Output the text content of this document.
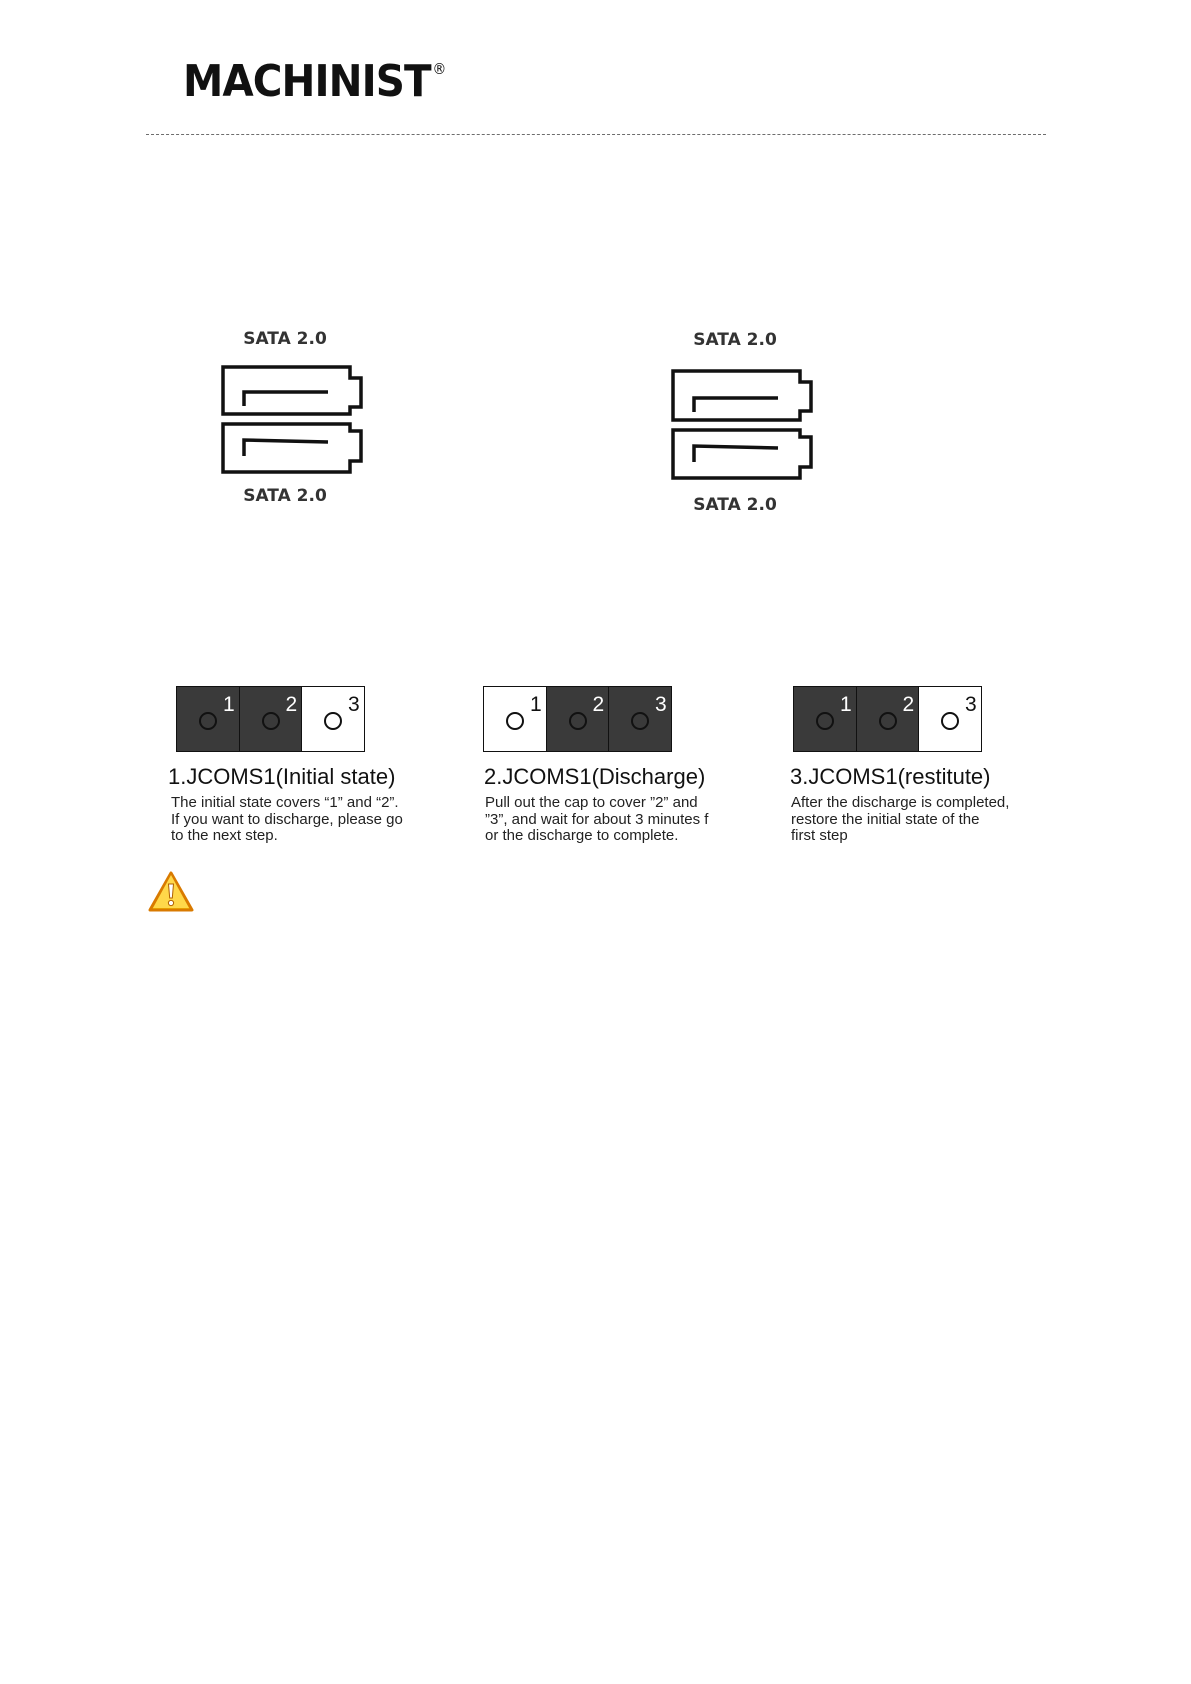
MACHINIST ®
SATA 2.0
SATA 2.0
SATA 2.0
SATA 2.0
1 2 3
1.JCOMS1(Initial state)
The initial state covers “1” and “2”.
If you want to discharge, please go
to the next step.
1 2 3
2.JCOMS1(Discharge)
Pull out the cap to cover ”2” and
”3”, and wait for about 3 minutes f
or the discharge to complete.
1 2 3
3.JCOMS1(restitute)
After the discharge is completed,
restore the initial state of the
first step
